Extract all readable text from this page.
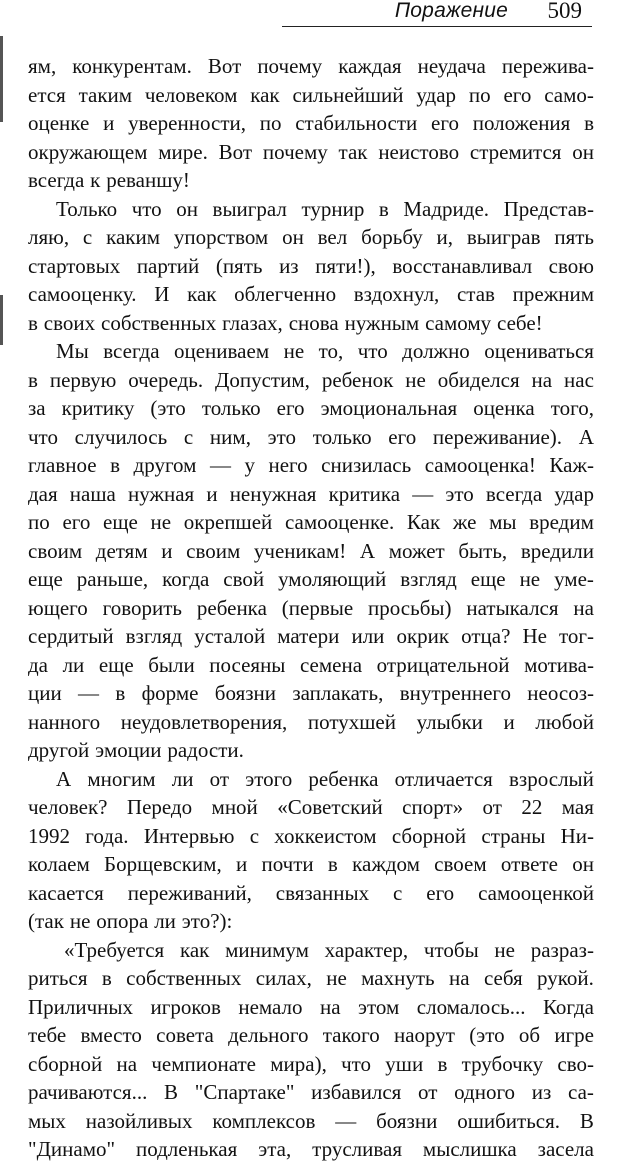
Поражение 509
ям, конкурентам. Вот почему каждая неудача пережива-
ется таким человеком как сильнейший удар по его само-
оценке и уверенности, по стабильности его положения в
окружающем мире. Вот почему так неистово стремится он
всегда к реваншу!
Только что он выиграл турнир в Мадриде. Представ-
ляю, с каким упорством он вел борьбу и, выиграв пять
стартовых партий (пять из пяти!), восстанавливал свою
самооценку. И как облегченно вздохнул, став прежним
в своих собственных глазах, снова нужным самому себе!
Мы всегда оцениваем не то, что должно оцениваться
в первую очередь. Допустим, ребенок не обиделся на нас
за критику (это только его эмоциональная оценка того,
что случилось с ним, это только его переживание). А
главное в другом — у него снизилась самооценка! Каж-
дая наша нужная и ненужная критика — это всегда удар
по его еще не окрепшей самооценке. Как же мы вредим
своим детям и своим ученикам! А может быть, вредили
еще раньше, когда свой умоляющий взгляд еще не уме-
ющего говорить ребенка (первые просьбы) натыкался на
сердитый взгляд усталой матери или окрик отца? Не тог-
да ли еще были посеяны семена отрицательной мотива-
ции — в форме боязни заплакать, внутреннего неосоз-
нанного неудовлетворения, потухшей улыбки и любой
другой эмоции радости.
А многим ли от этого ребенка отличается взрослый
человек? Передо мной «Советский спорт» от 22 мая
1992 года. Интервью с хоккеистом сборной страны Ни-
колаем Борщевским, и почти в каждом своем ответе он
касается переживаний, связанных с его самооценкой
(так не опора ли это?):
«Требуется как минимум характер, чтобы не разраз-
риться в собственных силах, не махнуть на себя рукой.
Приличных игроков немало на этом сломалось... Когда
тебе вместо совета дельного такого наорут (это об игре
сборной на чемпионате мира), что уши в трубочку сво-
рачиваются... В "Спартаке" избавился от одного из са-
мых назойливых комплексов — боязни ошибиться. В
"Динамо" подленькая эта, трусливая мыслишка засела
